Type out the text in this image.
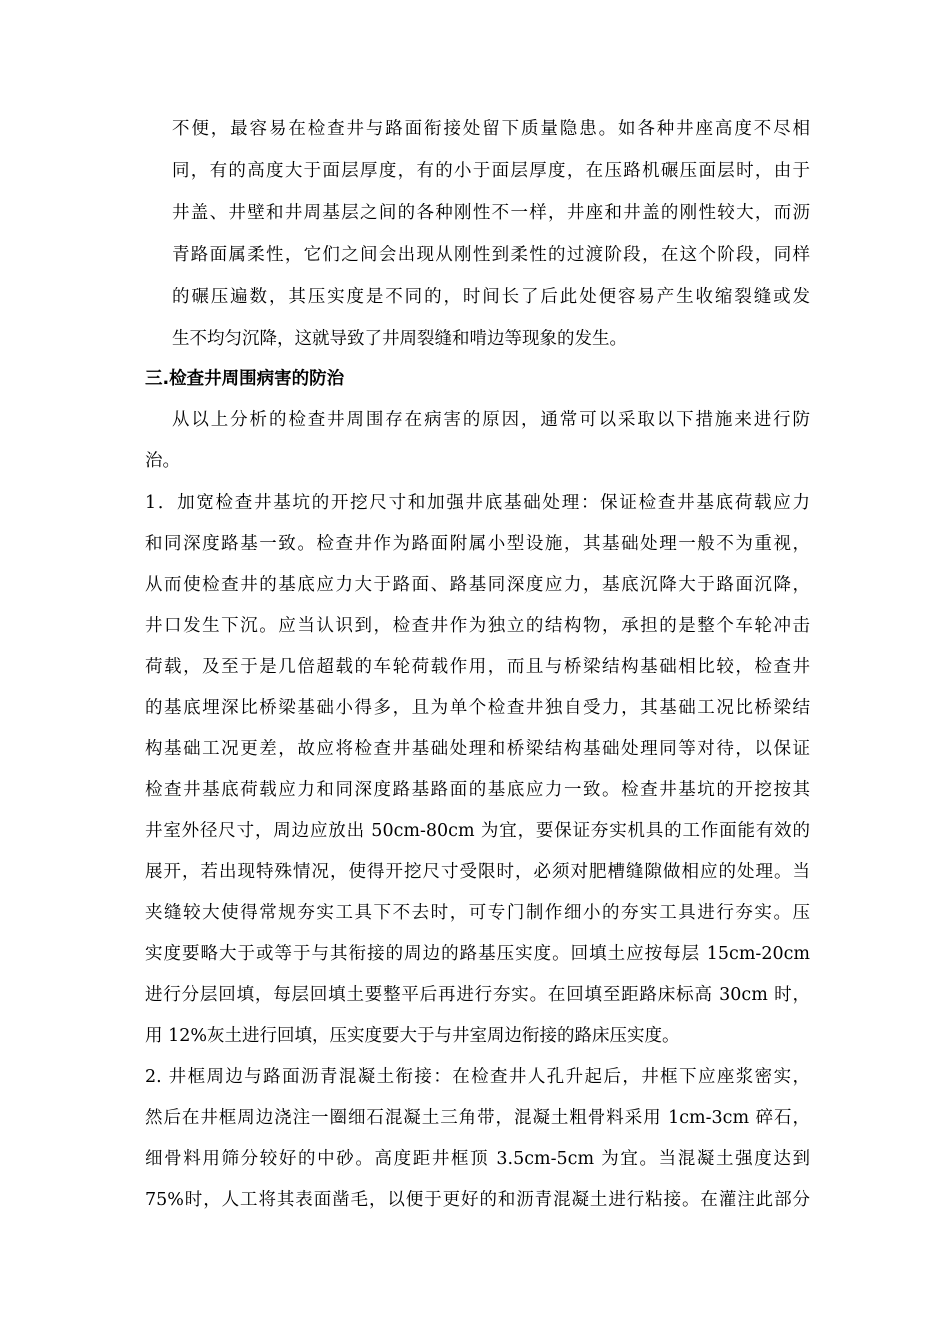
不便，最容易在检查井与路面衔接处留下质量隐患。如各种井座高度不尽相
同，有的高度大于面层厚度，有的小于面层厚度，在压路机碾压面层时，由于
井盖、井壁和井周基层之间的各种刚性不一样，井座和井盖的刚性较大，而沥
青路面属柔性，它们之间会出现从刚性到柔性的过渡阶段，在这个阶段，同样
的碾压遍数，其压实度是不同的，时间长了后此处便容易产生收缩裂缝或发
生不均匀沉降，这就导致了井周裂缝和啃边等现象的发生。
三.检查井周围病害的防治
从以上分析的检查井周围存在病害的原因，通常可以采取以下措施来进行防
治。
1．加宽检查井基坑的开挖尺寸和加强井底基础处理：保证检查井基底荷载应力
和同深度路基一致。检查井作为路面附属小型设施，其基础处理一般不为重视，
从而使检查井的基底应力大于路面、路基同深度应力，基底沉降大于路面沉降，
井口发生下沉。应当认识到，检查井作为独立的结构物，承担的是整个车轮冲击
荷载，及至于是几倍超载的车轮荷载作用，而且与桥梁结构基础相比较，检查井
的基底埋深比桥梁基础小得多，且为单个检查井独自受力，其基础工况比桥梁结
构基础工况更差，故应将检查井基础处理和桥梁结构基础处理同等对待，以保证
检查井基底荷载应力和同深度路基路面的基底应力一致。检查井基坑的开挖按其
井室外径尺寸，周边应放出 50cm-80cm 为宜，要保证夯实机具的工作面能有效的
展开，若出现特殊情况，使得开挖尺寸受限时，必须对肥槽缝隙做相应的处理。当
夹缝较大使得常规夯实工具下不去时，可专门制作细小的夯实工具进行夯实。压
实度要略大于或等于与其衔接的周边的路基压实度。回填土应按每层 15cm-20cm
进行分层回填，每层回填土要整平后再进行夯实。在回填至距路床标高 30cm 时，
用 12%灰土进行回填，压实度要大于与井室周边衔接的路床压实度。
2. 井框周边与路面沥青混凝土衔接：在检查井人孔升起后，井框下应座浆密实，
然后在井框周边浇注一圈细石混凝土三角带，混凝土粗骨料采用 1cm-3cm 碎石，
细骨料用筛分较好的中砂。高度距井框顶 3.5cm-5cm 为宜。当混凝土强度达到
75%时，人工将其表面凿毛，以便于更好的和沥青混凝土进行粘接。在灌注此部分
